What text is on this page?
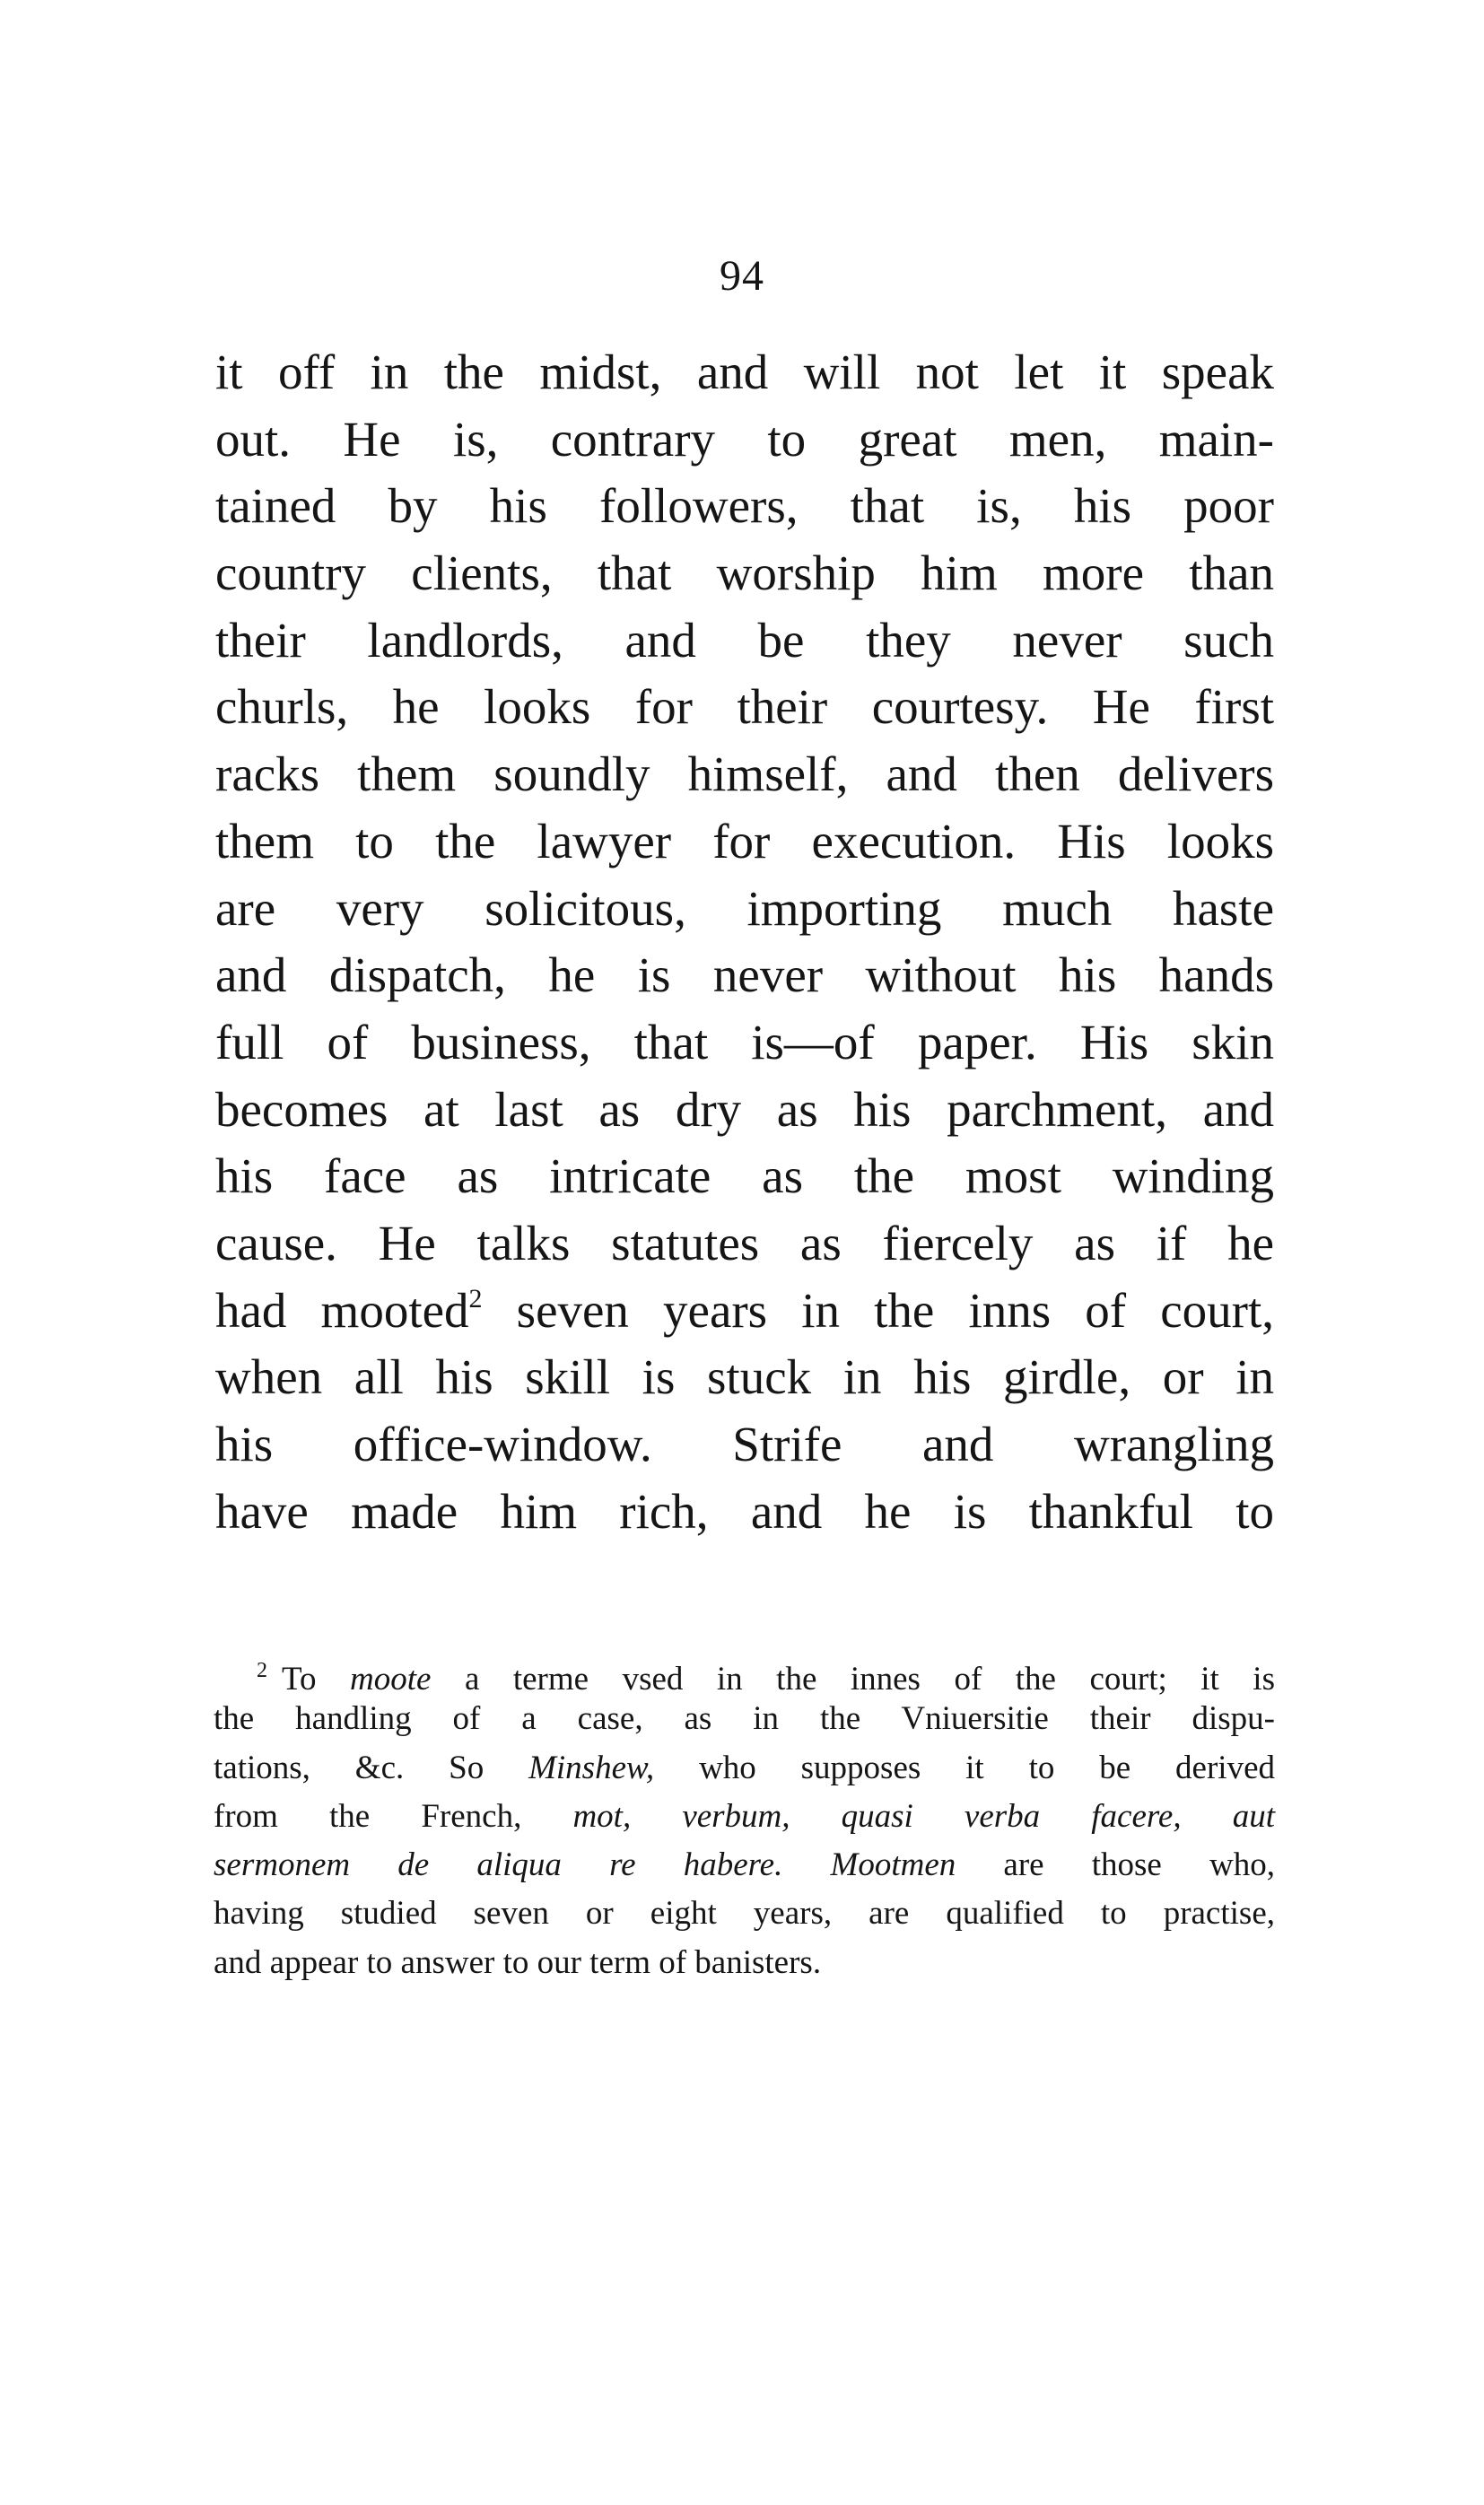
94
it off in the midst, and will not let it speak
out. He is, contrary to great men, main-
tained by his followers, that is, his poor
country clients, that worship him more than
their landlords, and be they never such
churls, he looks for their courtesy. He first
racks them soundly himself, and then delivers
them to the lawyer for execution. His looks
are very solicitous, importing much haste
and dispatch, he is never without his hands
full of business, that is—of paper. His skin
becomes at last as dry as his parchment, and
his face as intricate as the most winding
cause. He talks statutes as fiercely as if he
had mooted$^2$ seven years in the inns of court,
when all his skill is stuck in his girdle, or in
his office-window. Strife and wrangling
have made him rich, and he is thankful to
$^2$ To moote a terme vsed in the innes of the court; it is
the handling of a case, as in the Vniuersitie their dispu-
tations, &c. So Minshew, who supposes it to be derived
from the French, mot, verbum, quasi verba facere, aut
sermonem de aliqua re habere. Mootmen are those who,
having studied seven or eight years, are qualified to practise,
and appear to answer to our term of banisters.
